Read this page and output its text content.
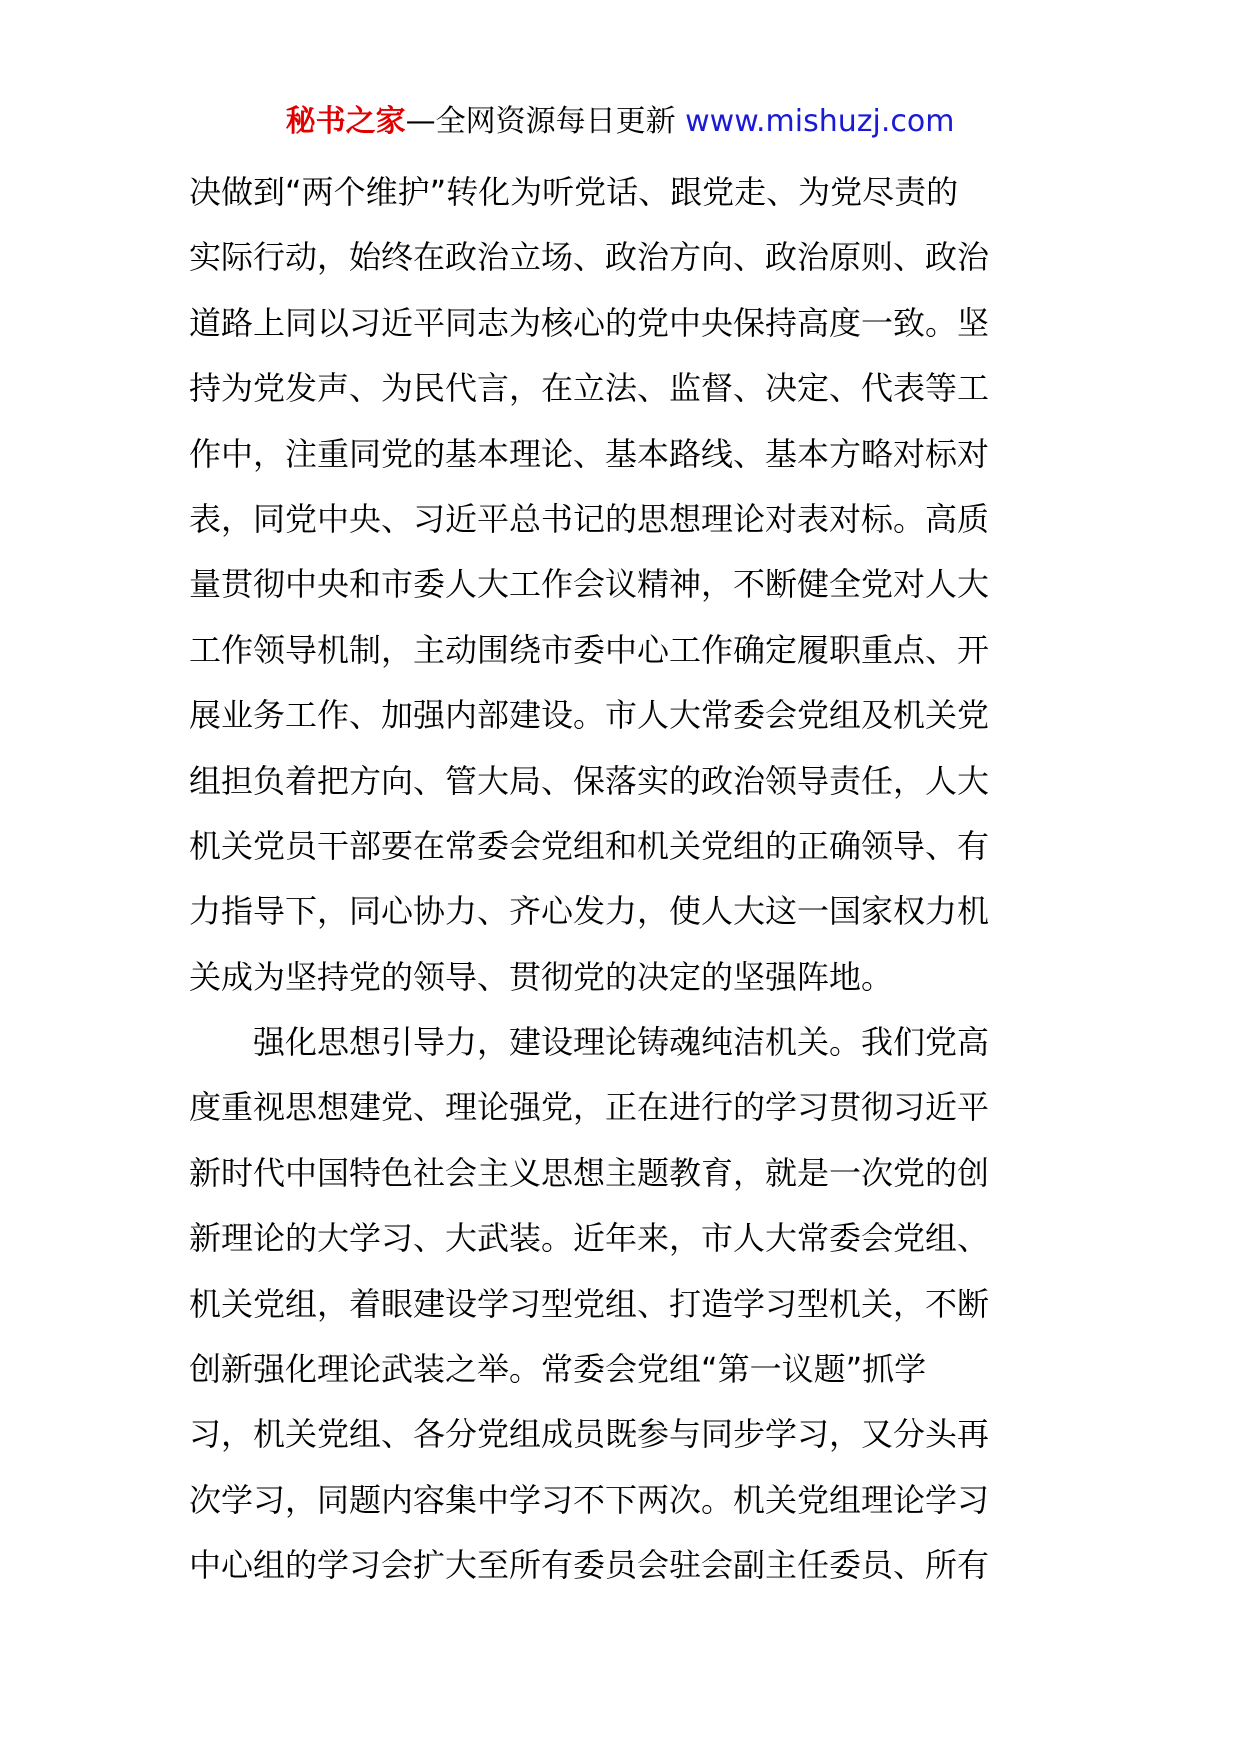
秘书之家—全网资源每日更新 www.mishuzj.com
决做到“两个维护”转化为听党话、跟党走、为党尽责的
实际行动，始终在政治立场、政治方向、政治原则、政治
道路上同以习近平同志为核心的党中央保持高度一致。坚
持为党发声、为民代言，在立法、监督、决定、代表等工
作中，注重同党的基本理论、基本路线、基本方略对标对
表，同党中央、习近平总书记的思想理论对表对标。高质
量贯彻中央和市委人大工作会议精神，不断健全党对人大
工作领导机制，主动围绕市委中心工作确定履职重点、开
展业务工作、加强内部建设。市人大常委会党组及机关党
组担负着把方向、管大局、保落实的政治领导责任，人大
机关党员干部要在常委会党组和机关党组的正确领导、有
力指导下，同心协力、齐心发力，使人大这一国家权力机
关成为坚持党的领导、贯彻党的决定的坚强阵地。
强化思想引导力，建设理论铸魂纯洁机关。我们党高
度重视思想建党、理论强党，正在进行的学习贯彻习近平
新时代中国特色社会主义思想主题教育，就是一次党的创
新理论的大学习、大武装。近年来，市人大常委会党组、
机关党组，着眼建设学习型党组、打造学习型机关，不断
创新强化理论武装之举。常委会党组“第一议题”抓学
习，机关党组、各分党组成员既参与同步学习，又分头再
次学习，同题内容集中学习不下两次。机关党组理论学习
中心组的学习会扩大至所有委员会驻会副主任委员、所有
